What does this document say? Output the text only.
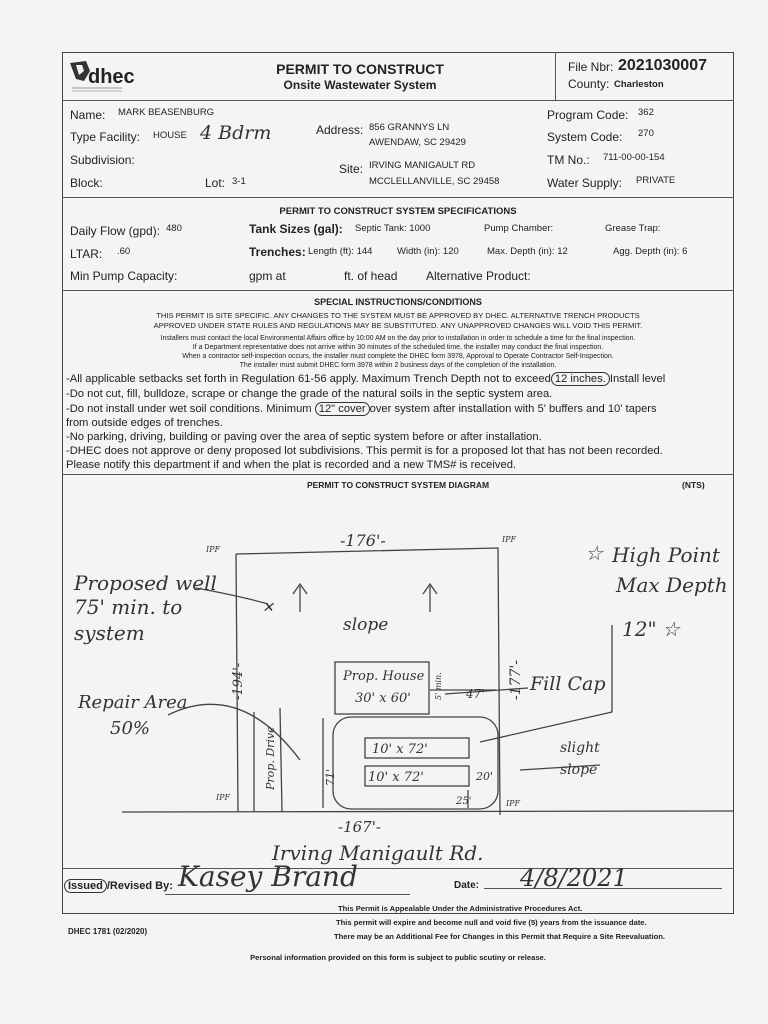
dhec	PERMIT TO CONSTRUCT
Onsite Wastewater System
File Nbr: 2021030007
County: Charleston
Name: MARK BEASENBURG
Type Facility: HOUSE 4 Bdrm
Subdivision:
Block:	Lot: 3-1
Address: 856 GRANNYS LN
AWENDAW, SC 29429
Site: IRVING MANIGAULT RD
MCCLELLANVILLE, SC 29458
Program Code: 362
System Code: 270
TM No.: 711-00-00-154
Water Supply: PRIVATE
PERMIT TO CONSTRUCT SYSTEM SPECIFICATIONS
Daily Flow (gpd): 480	Tank Sizes (gal): Septic Tank: 1000	Pump Chamber:	Grease Trap:
LTAR: .60	Trenches: Length (ft): 144	Width (in): 120	Max. Depth (in): 12	Agg. Depth (in): 6
Min Pump Capacity:	gpm at	ft. of head Alternative Product:
SPECIAL INSTRUCTIONS/CONDITIONS
THIS PERMIT IS SITE SPECIFIC. ANY CHANGES TO THE SYSTEM MUST BE APPROVED BY DHEC. ALTERNATIVE TRENCH PRODUCTS
APPROVED UNDER STATE RULES AND REGULATIONS MAY BE SUBSTITUTED. ANY UNAPPROVED CHANGES WILL VOID THIS PERMIT.
Installers must contact the local Environmental Affairs office by 10:00 AM on the day prior to installation in order to schedule a time for the final inspection.
If a Department representative does not arrive within 30 minutes of the scheduled time, the installer may conduct the final inspection.
When a contractor self-inspection occurs, the installer must complete the DHEC form 3978, Approval to Operate Contractor Self-Inspection.
The installer must submit DHEC form 3978 within 2 business days of the completion of the installation.
-All applicable setbacks set forth in Regulation 61-56 apply. Maximum Trench Depth not to exceed 12 inches. Install level
-Do not cut, fill, bulldoze, scrape or change the grade of the natural soils in the septic system area.
-Do not install under wet soil conditions. Minimum 12" cover over system after installation with 5' buffers and 10' tapers
from outside edges of trenches.
-No parking, driving, building or paving over the area of septic system before or after installation.
-DHEC does not approve or deny proposed lot subdivisions. This permit is for a proposed lot that has not been recorded.
Please notify this department if and when the plat is recorded and a new TMS# is received.
PERMIT TO CONSTRUCT SYSTEM DIAGRAM	(NTS)
-176'-
-167'-
IPF
IPF
IPF
IPF
Proposed well
75' min. to
system
✕
slope
☆ High Point
Max Depth
12" ☆
Repair Area
50%
Prop. House
30' x 60'	47' Fill Cap
10' x 72'
10' x 72'	20'
25'
slight
slope
Irving Manigault Rd.
-177'-
-194'-
Prop. Drive	71'
5' min.
Issued /Revised By: Kasey Brand	Date: 4/8/2021
This Permit is Appealable Under the Administrative Procedures Act.
This permit will expire and become null and void five (5) years from the issuance date.
There may be an Additional Fee for Changes in this Permit that Require a Site Reevaluation.
DHEC 1781 (02/2020)
Personal information provided on this form is subject to public scutiny or release.
